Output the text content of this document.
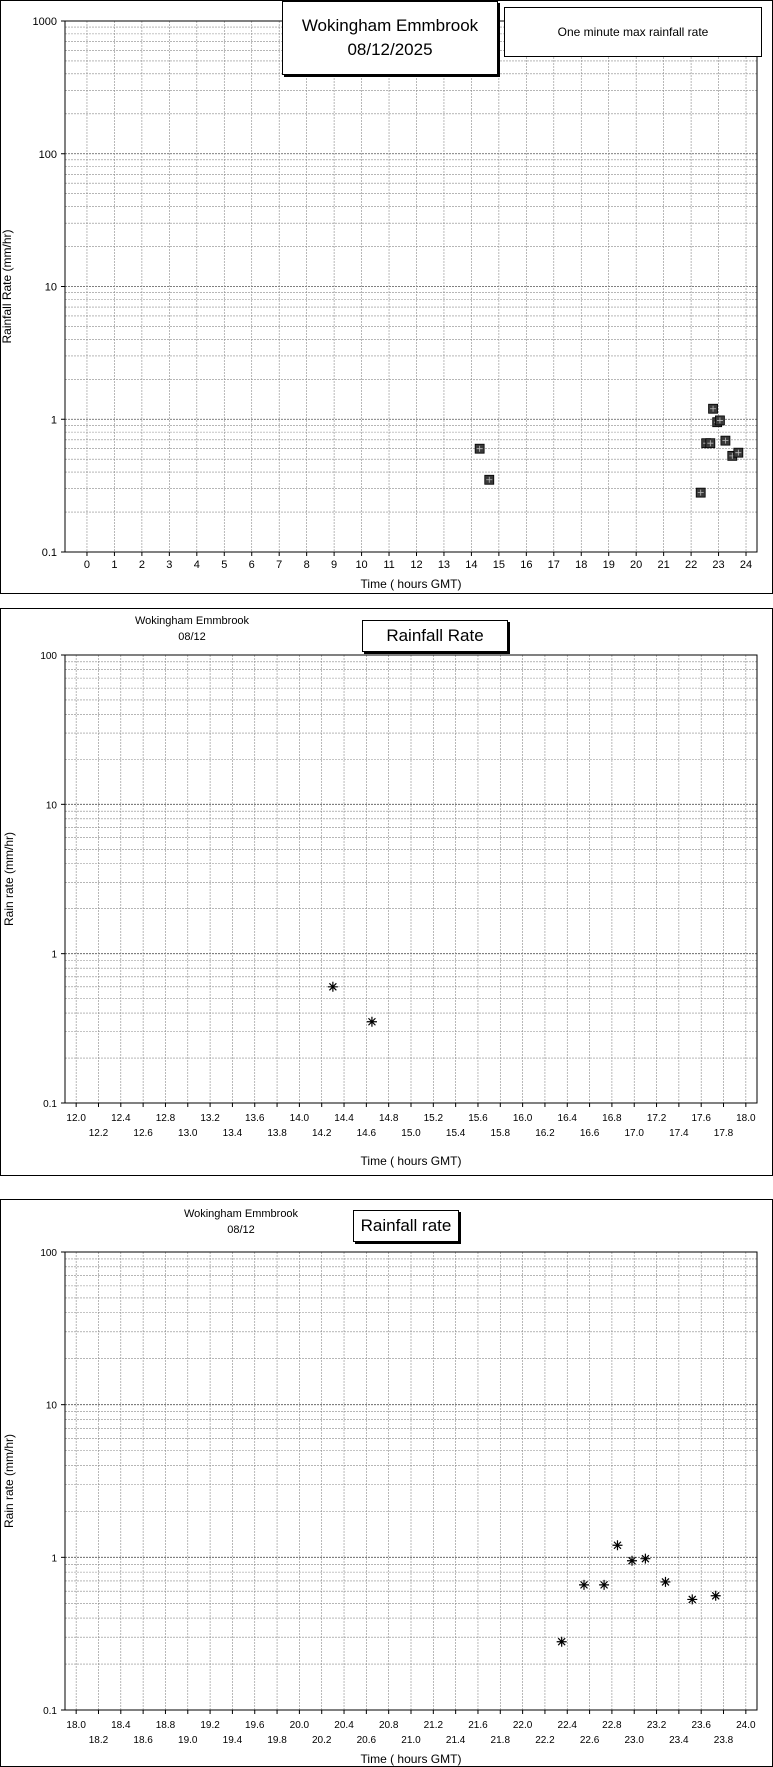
0.1
1
10
100
1000
0 1 2 3 4 5 6 7 8 9 10 11 12 13 14 15 16 17 18 19 20 21 22 23 24
Time ( hours GMT)
Rainfall Rate (mm/hr)
Wokingham Emmbrook
08/12/2025
One minute max rainfall rate
0.1
1
10
100
12.0
12.2
12.4
12.6
12.8
13.0
13.2
13.4
13.6
13.8
14.0
14.2
14.4
14.6
14.8
15.0
15.2
15.4
15.6
15.8
16.0
16.2
16.4
16.6
16.8
17.0
17.2
17.4
17.6
17.8
18.0
Time ( hours GMT)
Rain rate (mm/hr)
Wokingham Emmbrook
08/12	Rainfall Rate
0.1
1
10
100
18.0
18.2
18.4
18.6
18.8
19.0
19.2
19.4
19.6
19.8
20.0
20.2
20.4
20.6
20.8
21.0
21.2
21.4
21.6
21.8
22.0
22.2
22.4
22.6
22.8
23.0
23.2
23.4
23.6
23.8
24.0
Time ( hours GMT)
Rain rate (mm/hr)
Wokingham Emmbrook
08/12	Rainfall rate
